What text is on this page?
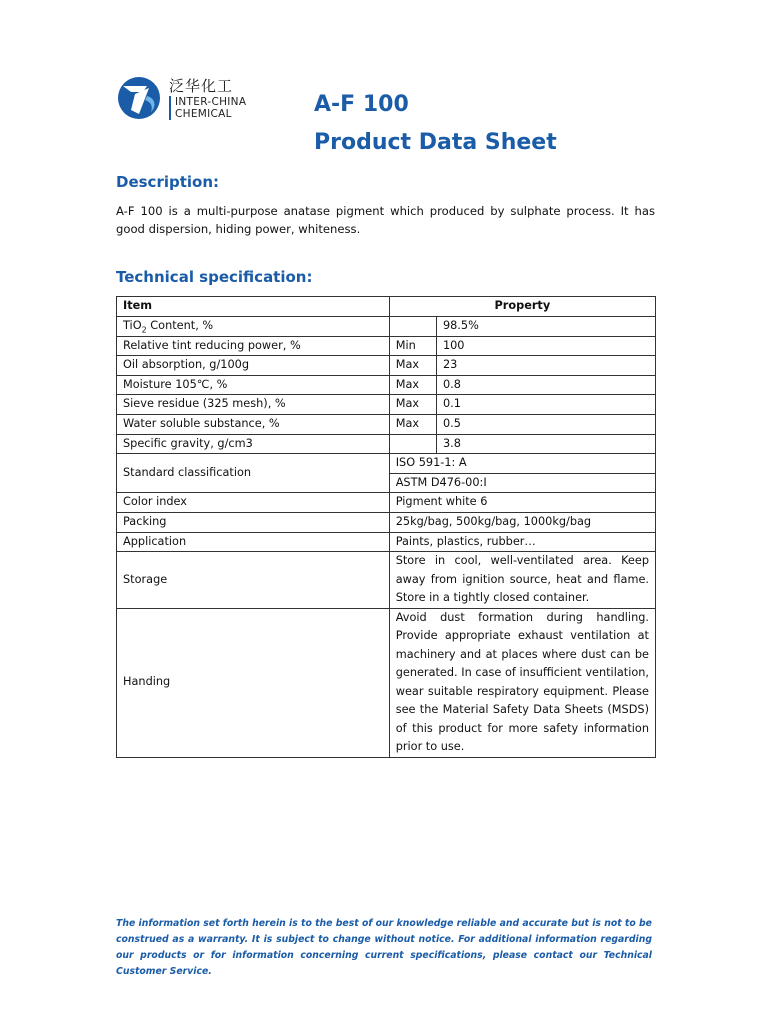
泛华化工
INTER-CHINA
CHEMICAL	A-F 100
Product Data Sheet
Description:
A-F 100 is a multi-purpose anatase pigment which produced by sulphate process. It has good dispersion, hiding power, whiteness.
Technical specification:
Item	Property	
TiO$_2$ Content, %		98.5%
Relative tint reducing power, %	Min	100
Oil absorption, g/100g	Max	23
Moisture 105℃, %	Max	0.8
Sieve residue (325 mesh), %	Max	0.1
Water soluble substance, %	Max	0.5
Specific gravity, g/cm3		3.8
Standard classification	ISO 591-1: A	
	ASTM D476-00:I	
Color index	Pigment white 6	
Packing	25kg/bag, 500kg/bag, 1000kg/bag	
Application	Paints, plastics, rubber…	
Storage	Store in cool, well-ventilated area. Keep away from ignition source, heat and flame. Store in a tightly closed container.	
Handing	Avoid dust formation during handling. Provide appropriate exhaust ventilation at machinery and at places where dust can be generated. In case of insufficient ventilation, wear suitable respiratory equipment. Please see the Material Safety Data Sheets (MSDS) of this product for more safety information prior to use.	
The information set forth herein is to the best of our knowledge reliable and accurate but is not to be construed as a warranty. It is subject to change without notice. For additional information regarding our products or for information concerning current specifications, please contact our Technical Customer Service.
